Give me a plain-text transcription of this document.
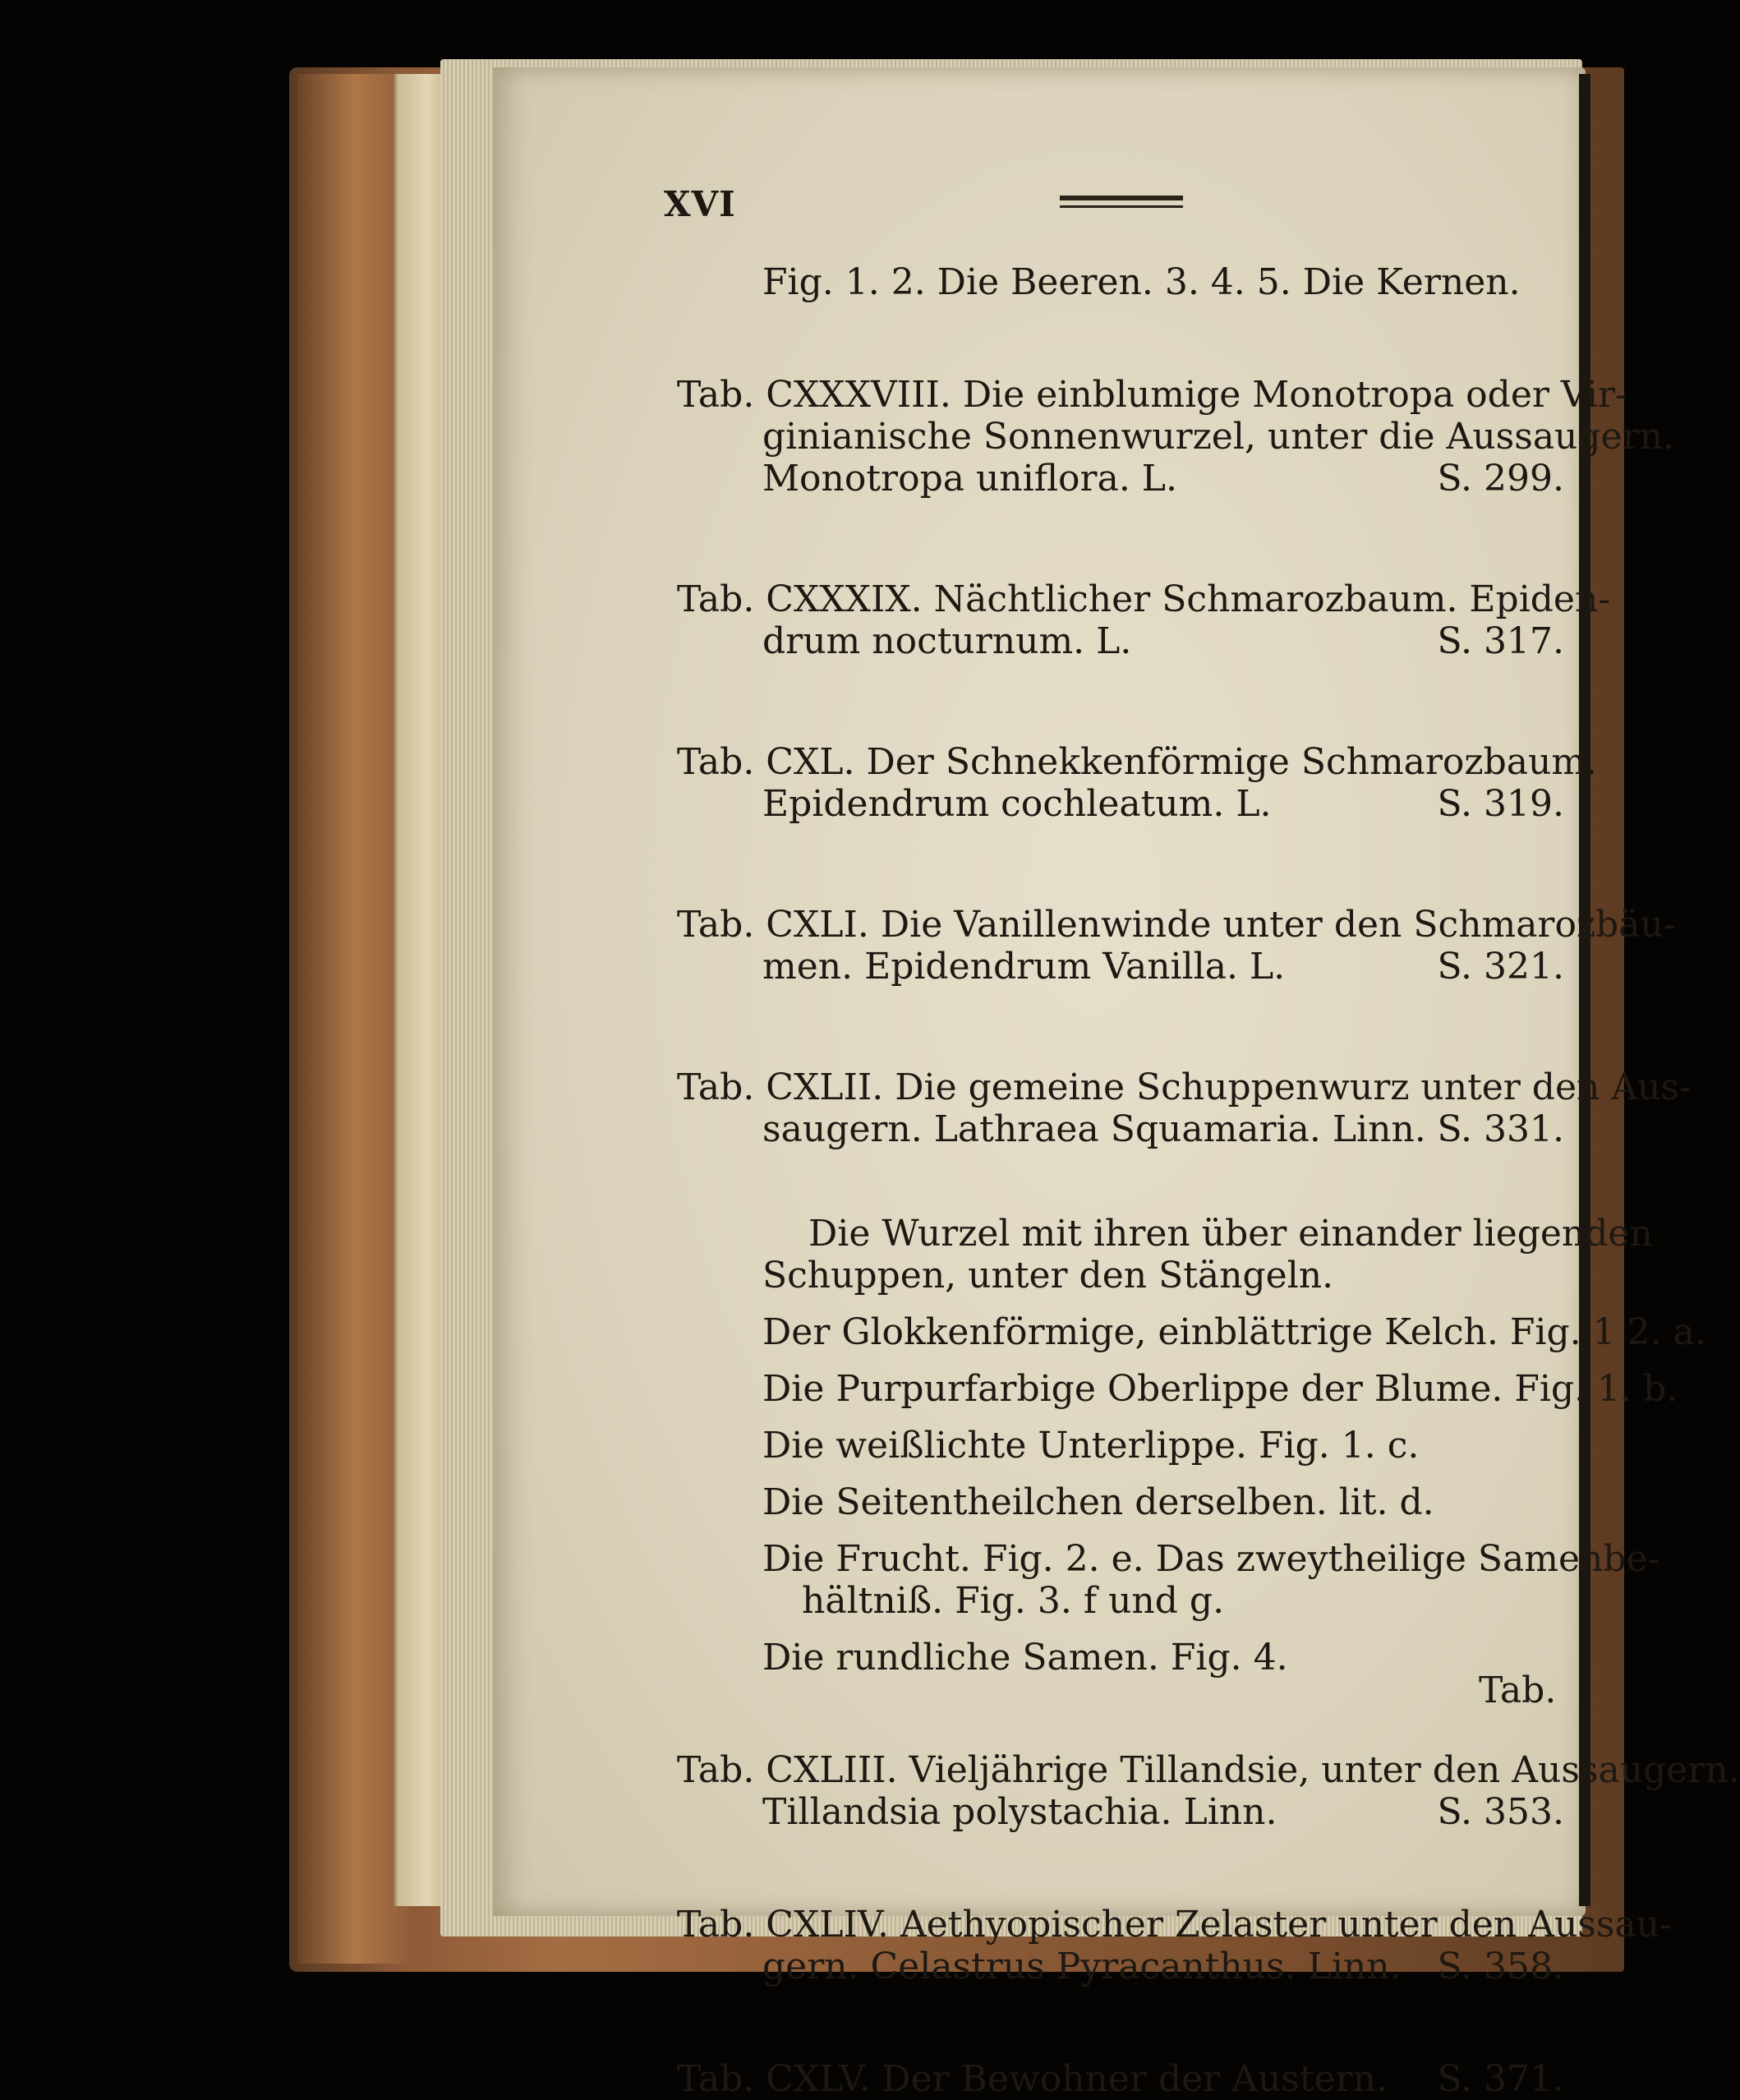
XVI
Fig. 1. 2. Die Beeren. 3. 4. 5. Die Kernen.
Tab. CXXXVIII. Die einblumige Monotropa oder Vir-
ginianische Sonnenwurzel, unter die Aussaugern.
Monotropa uniflora. L.	S. 299.
Tab. CXXXIX. Nächtlicher Schmarozbaum. Epiden-
drum nocturnum. L.	S. 317.
Tab. CXL. Der Schnekkenförmige Schmarozbaum.
Epidendrum cochleatum. L.	S. 319.
Tab. CXLI. Die Vanillenwinde unter den Schmarozbäu-
men. Epidendrum Vanilla. L.	S. 321.
Tab. CXLII. Die gemeine Schuppenwurz unter den Aus-
saugern. Lathraea Squamaria. Linn. S. 331.
Die Wurzel mit ihren über einander liegenden
Schuppen, unter den Stängeln.
Der Glokkenförmige, einblättrige Kelch. Fig. 1 2. a.
Die Purpurfarbige Oberlippe der Blume. Fig. 1. b.
Die weißlichte Unterlippe. Fig. 1. c.
Die Seitentheilchen derselben. lit. d.
Die Frucht. Fig. 2. e. Das zweytheilige Samenbe-
hältniß. Fig. 3. f und g.
Die rundliche Samen. Fig. 4.
Tab. CXLIII. Vieljährige Tillandsie, unter den Aussaugern.
Tillandsia polystachia. Linn.	S. 353.
Tab. CXLIV. Aethyopischer Zelaster unter den Aussau-
gern. Celastrus Pyracanthus. Linn. S. 358.
Tab. CXLV. Der Bewohner der Austern. S. 371.
Tab.
